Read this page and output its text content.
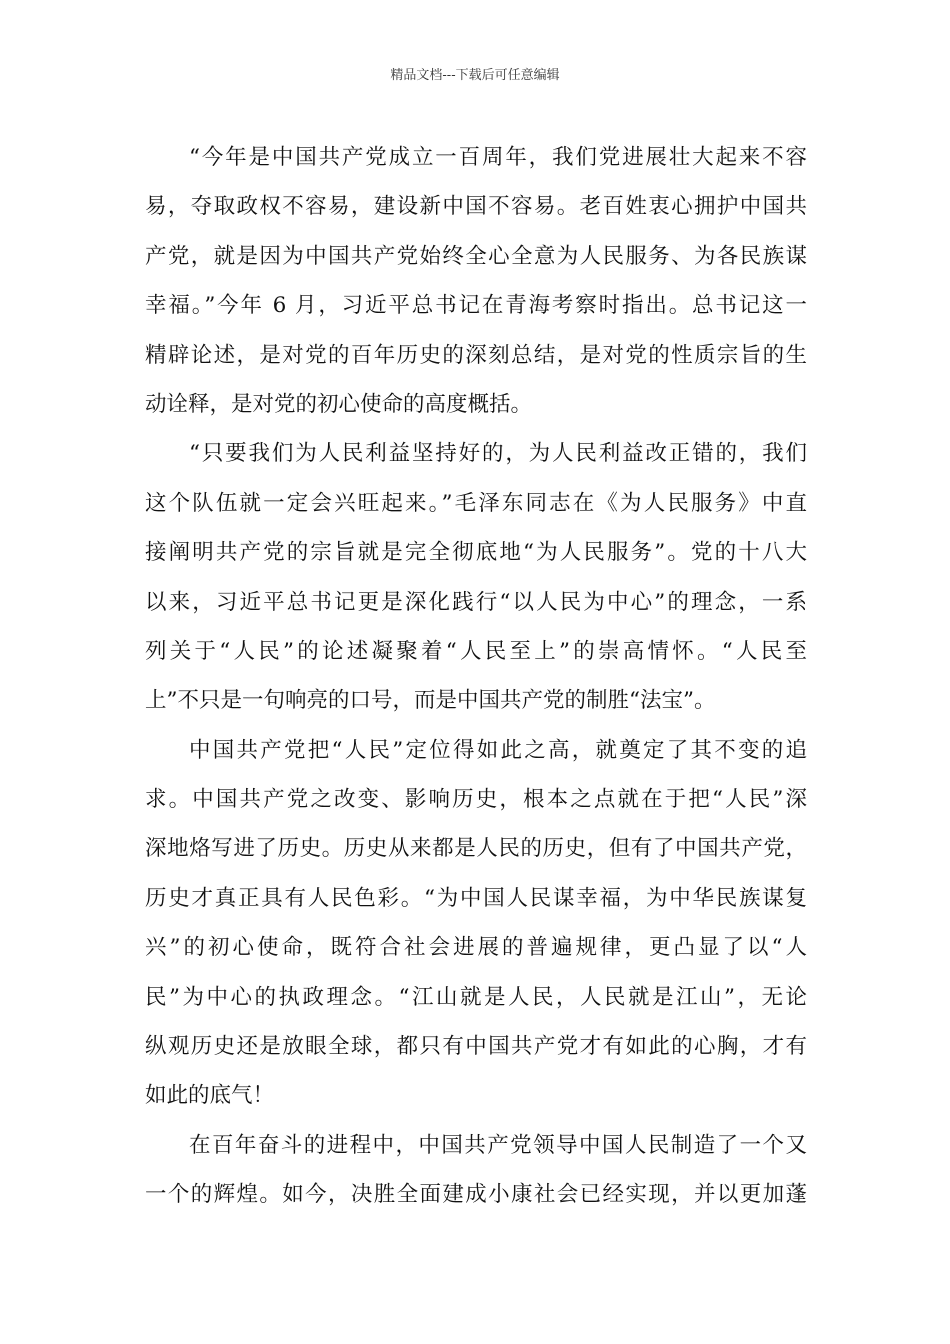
精品文档---下载后可任意编辑
“今年是中国共产党成立一百周年，我们党进展壮大起来不容
易，夺取政权不容易，建设新中国不容易。老百姓衷心拥护中国共
产党，就是因为中国共产党始终全心全意为人民服务、为各民族谋
幸福。”今年 6 月，习近平总书记在青海考察时指出。总书记这一
精辟论述，是对党的百年历史的深刻总结，是对党的性质宗旨的生
动诠释，是对党的初心使命的高度概括。
“只要我们为人民利益坚持好的，为人民利益改正错的，我们
这个队伍就一定会兴旺起来。”毛泽东同志在《为人民服务》中直
接阐明共产党的宗旨就是完全彻底地“为人民服务”。党的十八大
以来，习近平总书记更是深化践行“以人民为中心”的理念，一系
列关于“人民”的论述凝聚着“人民至上”的崇高情怀。“人民至
上”不只是一句响亮的口号，而是中国共产党的制胜“法宝”。
中国共产党把“人民”定位得如此之高，就奠定了其不变的追
求。中国共产党之改变、影响历史，根本之点就在于把“人民”深
深地烙写进了历史。历史从来都是人民的历史，但有了中国共产党，
历史才真正具有人民色彩。“为中国人民谋幸福，为中华民族谋复
兴”的初心使命，既符合社会进展的普遍规律，更凸显了以“人
民”为中心的执政理念。“江山就是人民，人民就是江山”，无论
纵观历史还是放眼全球，都只有中国共产党才有如此的心胸，才有
如此的底气！
在百年奋斗的进程中，中国共产党领导中国人民制造了一个又
一个的辉煌。如今，决胜全面建成小康社会已经实现，并以更加蓬
